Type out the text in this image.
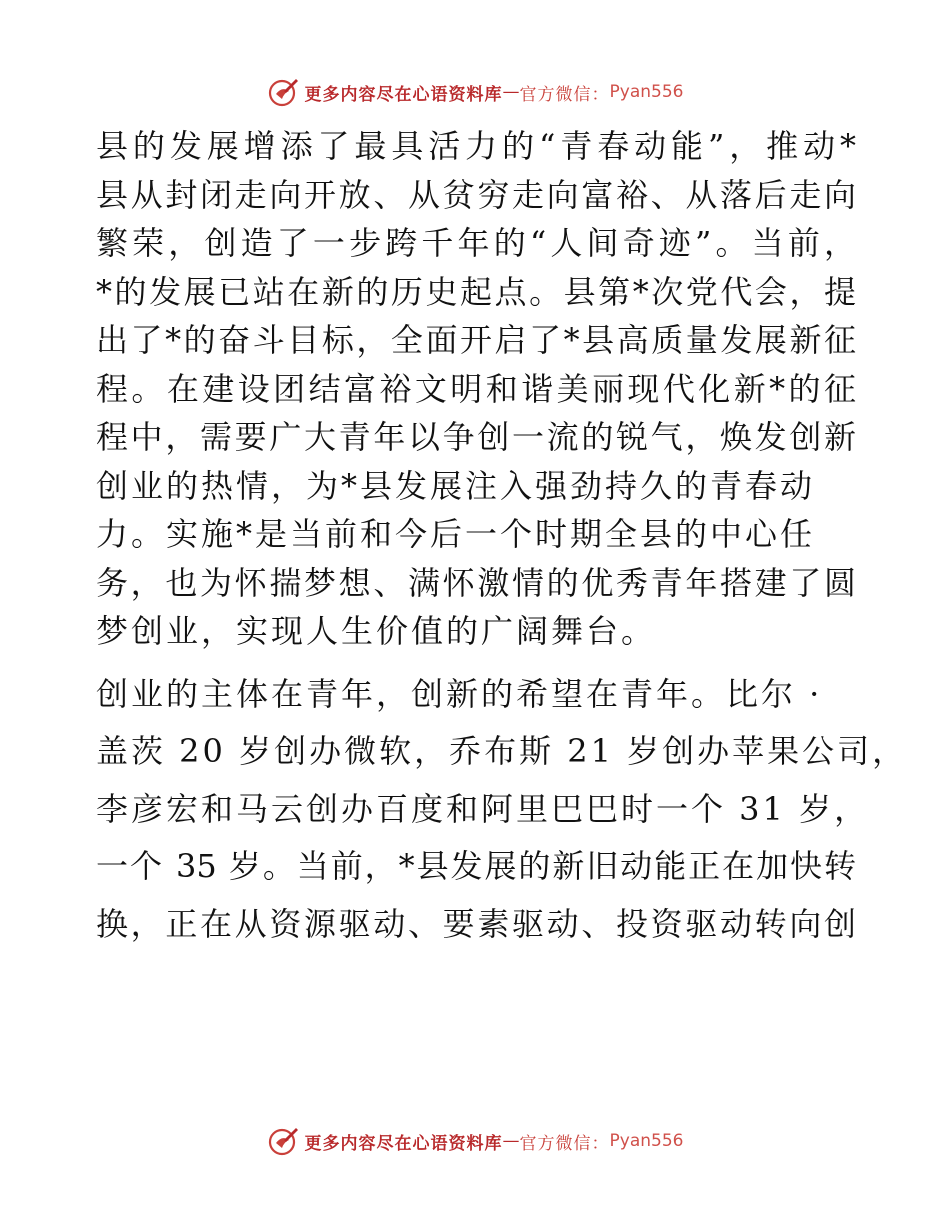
更多内容尽在心语资料库 — 官方微信： Pyan556
县的发展增添了最具活力的“青春动能”，推动*
县从封闭走向开放、从贫穷走向富裕、从落后走向
繁荣，创造了一步跨千年的“人间奇迹”。当前，
*的发展已站在新的历史起点。县第*次党代会，提
出了*的奋斗目标，全面开启了*县高质量发展新征
程。在建设团结富裕文明和谐美丽现代化新*的征
程中，需要广大青年以争创一流的锐气，焕发创新
创业的热情，为*县发展注入强劲持久的青春动
力。实施*是当前和今后一个时期全县的中心任
务，也为怀揣梦想、满怀激情的优秀青年搭建了圆
梦创业，实现人生价值的广阔舞台。
创业的主体在青年，创新的希望在青年。比尔 ·
盖茨 20 岁创办微软，乔布斯 21 岁创办苹果公司，
李彦宏和马云创办百度和阿里巴巴时一个 31 岁，
一个 35 岁。当前，*县发展的新旧动能正在加快转
换，正在从资源驱动、要素驱动、投资驱动转向创
更多内容尽在心语资料库 — 官方微信： Pyan556
